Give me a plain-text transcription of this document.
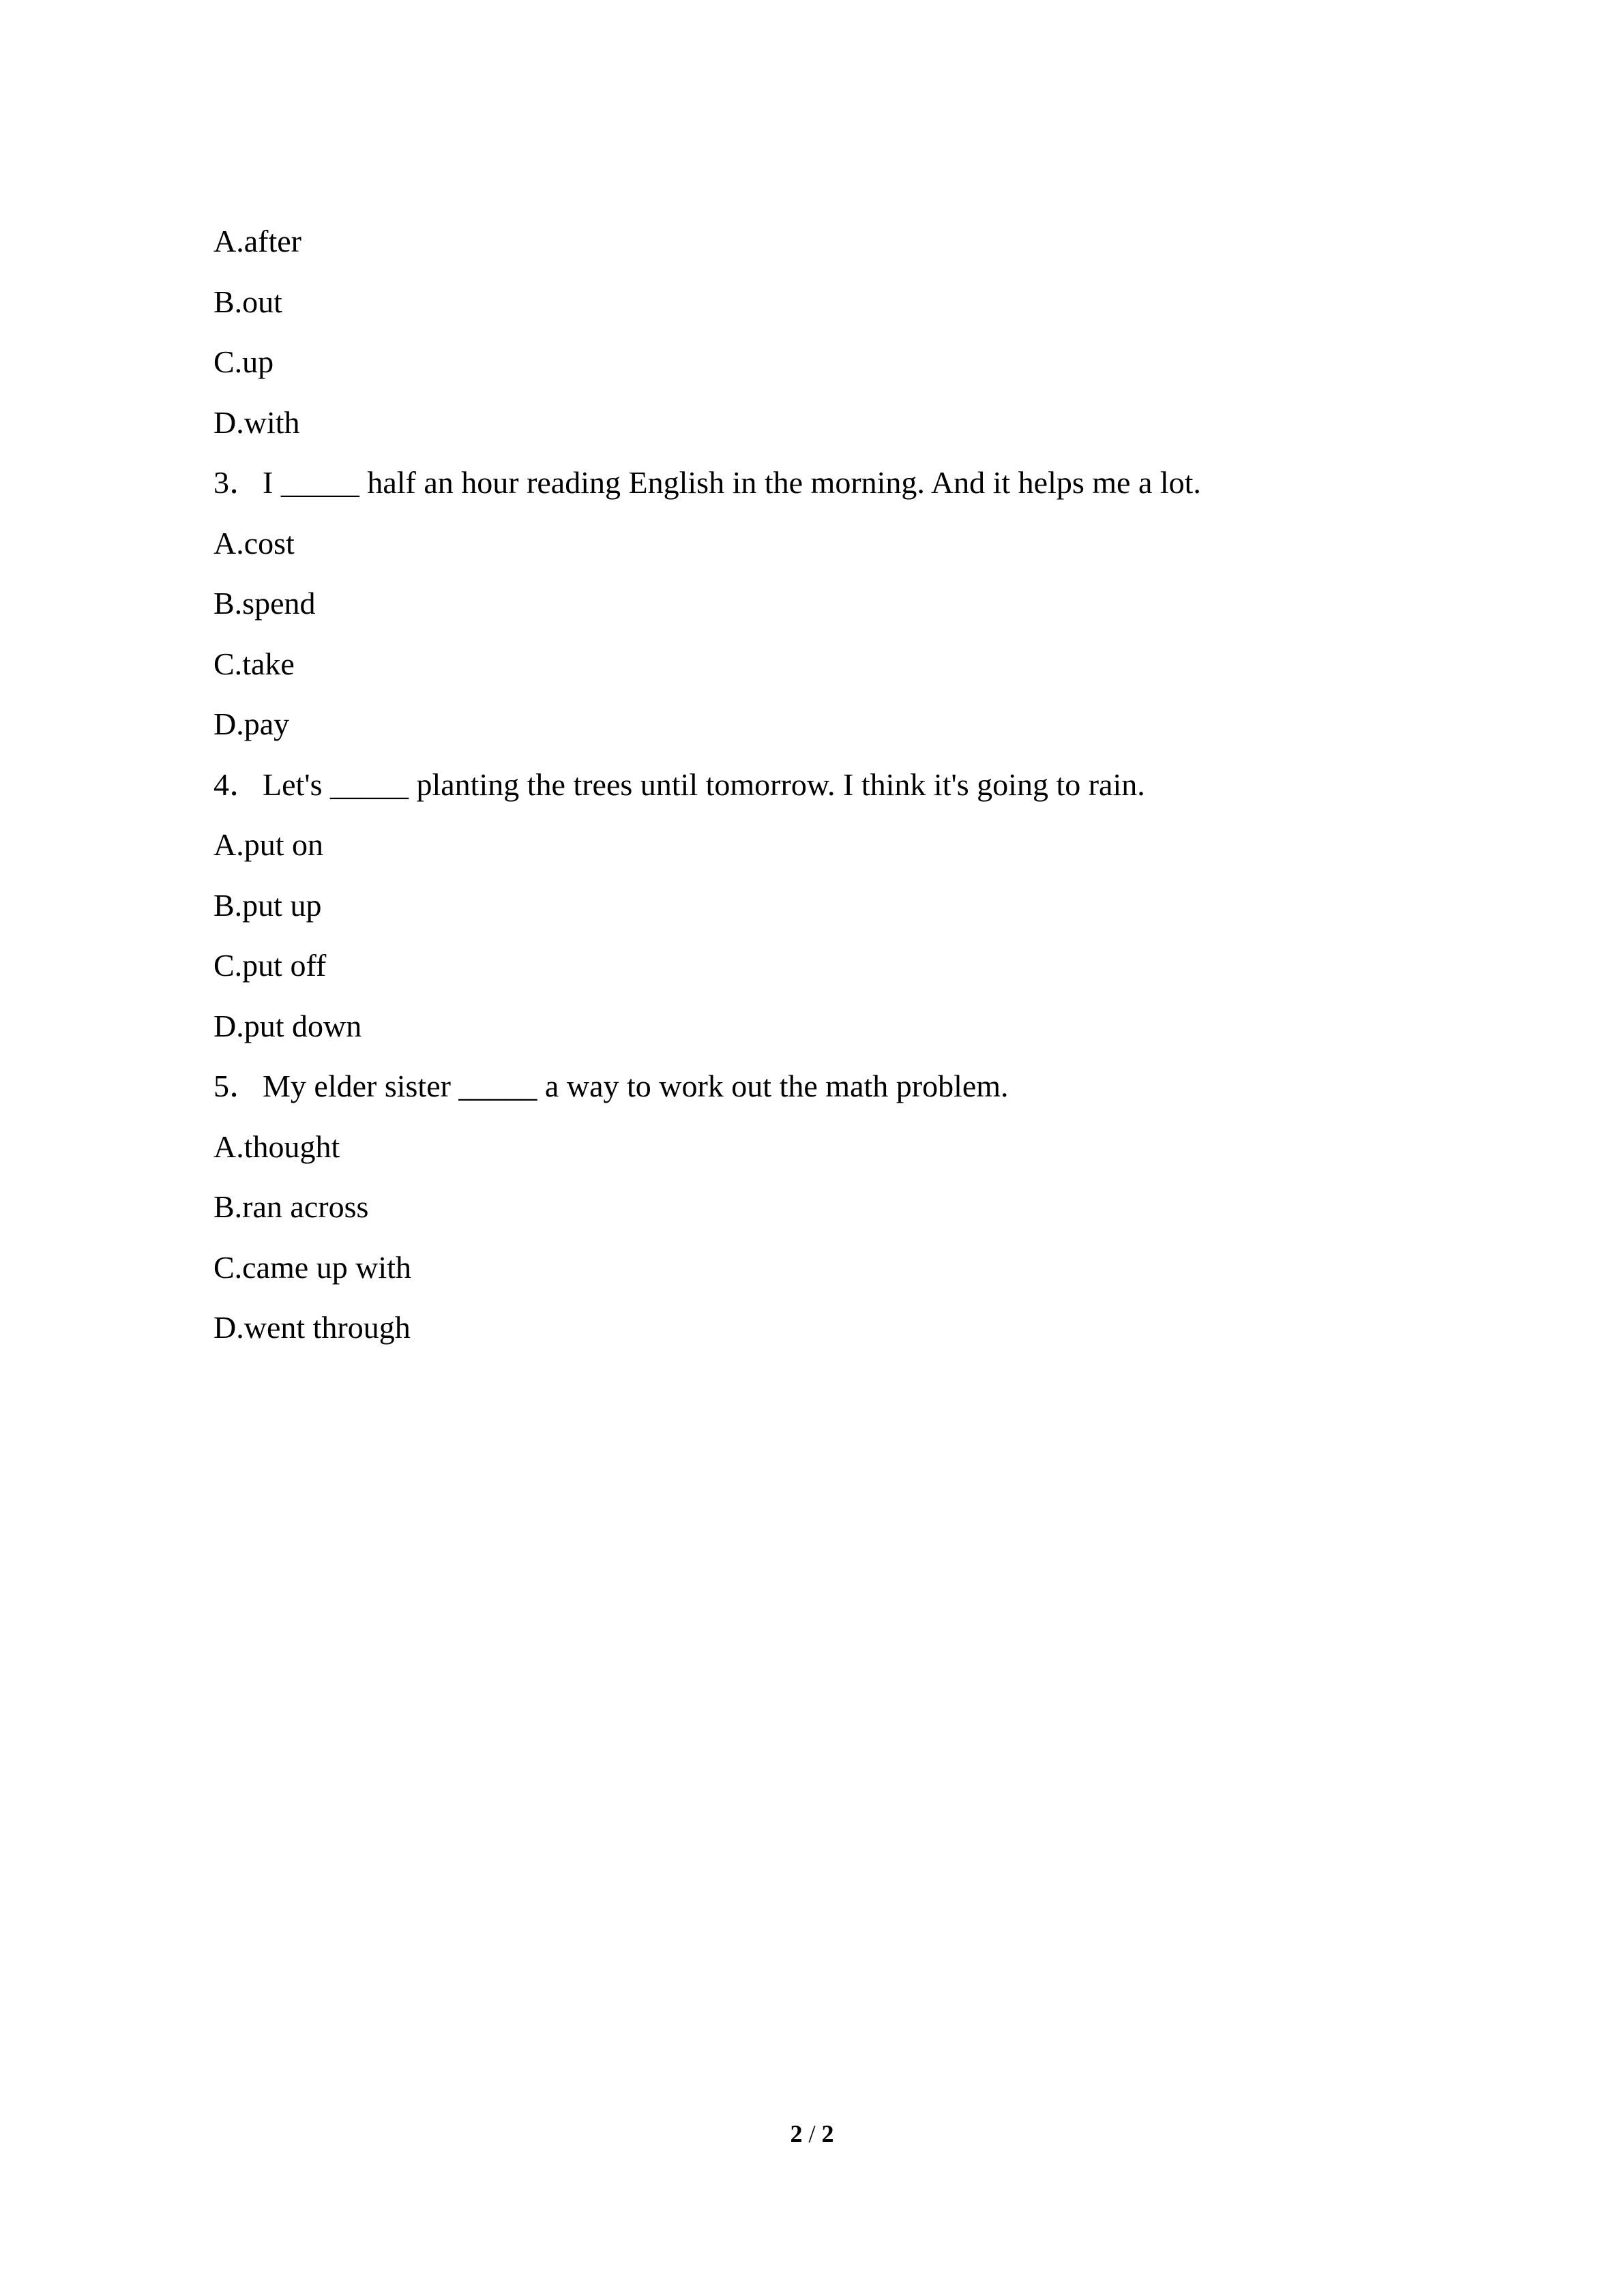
A.after
B.out
C.up
D.with
3．I _____ half an hour reading English in the morning. And it helps me a lot.
A.cost
B.spend
C.take
D.pay
4．Let's _____ planting the trees until tomorrow. I think it's going to rain.
A.put on
B.put up
C.put off
D.put down
5．My elder sister _____ a way to work out the math problem.
A.thought
B.ran across
C.came up with
D.went through
2 / 2
